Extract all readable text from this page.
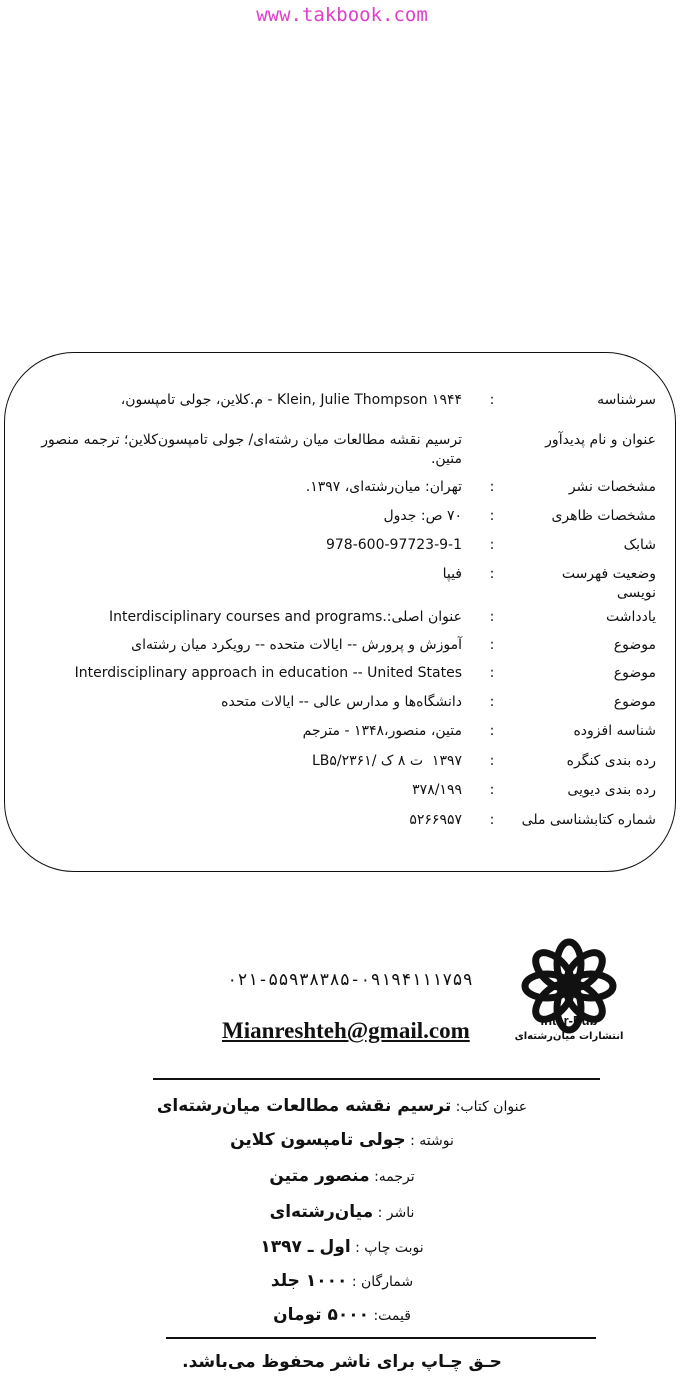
www.takbook.com
سرشناسه
:
Klein, Julie Thompson ۱۹۴۴ - م.کلاین، جولی تامپسون،
عنوان و نام پدیدآور
ترسیم نقشه مطالعات میان رشته‌ای/ جولی تامپسون‌کلاین؛ ترجمه منصور متین.
مشخصات نشر
:
تهران: میان‌رشته‌ای، ۱۳۹۷.
مشخصات ظاهری
:
۷۰ ص: جدول
شابک
:
978-600-97723-9-1
وضعیت فهرست نویسی
:
فیپا
یادداشت
:
عنوان اصلی:.Interdisciplinary courses and programs
موضوع
:
آموزش و پرورش -- ایالات متحده -- رویکرد میان رشته‌ای
موضوع
:
Interdisciplinary approach in education -- United States
موضوع
:
دانشگاه‌ها و مدارس عالی -- ایالات متحده
شناسه افزوده
:
متین، منصور،۱۳۴۸ - مترجم
رده بندی کنگره
:
۱۳۹۷ ‌‌‌ ‌‌ت ۸ ک ‌‌/۲۳۶۱/LB۵
رده بندی دیویی
:
۳۷۸/۱۹۹
شماره کتابشناسی ملی
:
۵۲۶۶۹۵۷
۰۲۱-۵۵۹۳۸۳۸۵-۰۹۱۹۴۱۱۱۷۵۹
Mianreshteh@gmail.com	Inter-Pub
انتشارات میان‌رشته‌ای
عنوان کتاب: ترسیم نقشه مطالعات میان‌رشته‌ای
نوشته : جولی تامپسون کلاین
ترجمه: منصور متین
ناشر : میان‌رشته‌ای
نوبت چاپ : اول ـ ۱۳۹۷
شمارگان : ۱۰۰۰ جلد
قیمت: ۵۰۰۰ تومان
حـق چـاپ برای ناشر محفوظ می‌باشد.
